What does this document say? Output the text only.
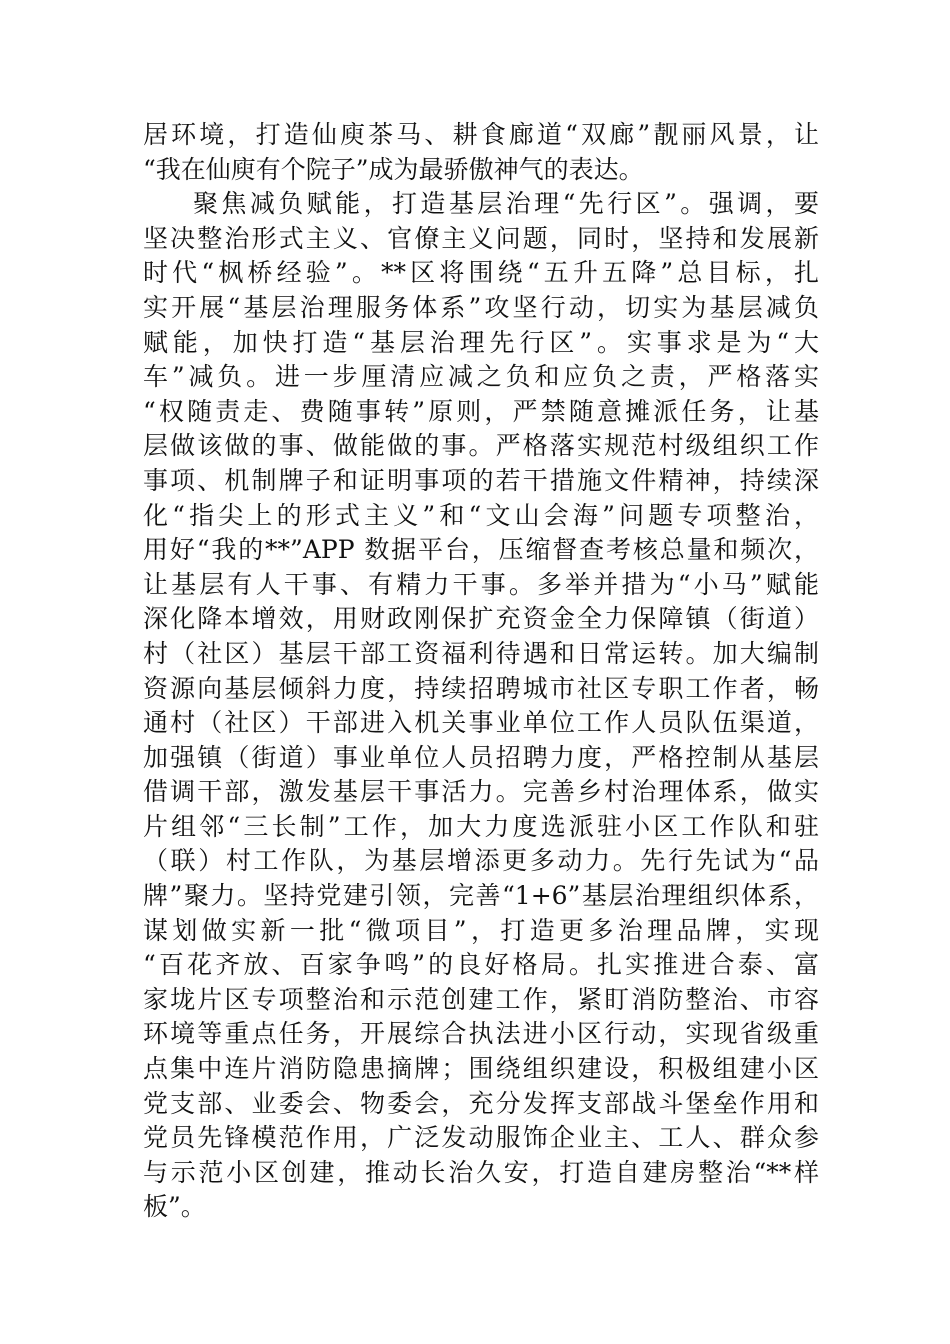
居环境，打造仙庾茶马、耕食廊道“双廊”靓丽风景，让
“我在仙庾有个院子”成为最骄傲神气的表达。
聚焦减负赋能，打造基层治理“先行区”。强调，要
坚决整治形式主义、官僚主义问题，同时，坚持和发展新
时代“枫桥经验”。**区将围绕“五升五降”总目标，扎
实开展“基层治理服务体系”攻坚行动，切实为基层减负
赋能，加快打造“基层治理先行区”。实事求是为“大
车”减负。进一步厘清应减之负和应负之责，严格落实
“权随责走、费随事转”原则，严禁随意摊派任务，让基
层做该做的事、做能做的事。严格落实规范村级组织工作
事项、机制牌子和证明事项的若干措施文件精神，持续深
化“指尖上的形式主义”和“文山会海”问题专项整治，
用好“我的**”APP 数据平台，压缩督查考核总量和频次，
让基层有人干事、有精力干事。多举并措为“小马”赋能
深化降本增效，用财政刚保扩充资金全力保障镇（街道）
村（社区）基层干部工资福利待遇和日常运转。加大编制
资源向基层倾斜力度，持续招聘城市社区专职工作者，畅
通村（社区）干部进入机关事业单位工作人员队伍渠道，
加强镇（街道）事业单位人员招聘力度，严格控制从基层
借调干部，激发基层干事活力。完善乡村治理体系，做实
片组邻“三长制”工作，加大力度选派驻小区工作队和驻
（联）村工作队，为基层增添更多动力。先行先试为“品
牌”聚力。坚持党建引领，完善“1+6”基层治理组织体系，
谋划做实新一批“微项目”，打造更多治理品牌，实现
“百花齐放、百家争鸣”的良好格局。扎实推进合泰、富
家垅片区专项整治和示范创建工作，紧盯消防整治、市容
环境等重点任务，开展综合执法进小区行动，实现省级重
点集中连片消防隐患摘牌；围绕组织建设，积极组建小区
党支部、业委会、物委会，充分发挥支部战斗堡垒作用和
党员先锋模范作用，广泛发动服饰企业主、工人、群众参
与示范小区创建，推动长治久安，打造自建房整治“**样
板”。
